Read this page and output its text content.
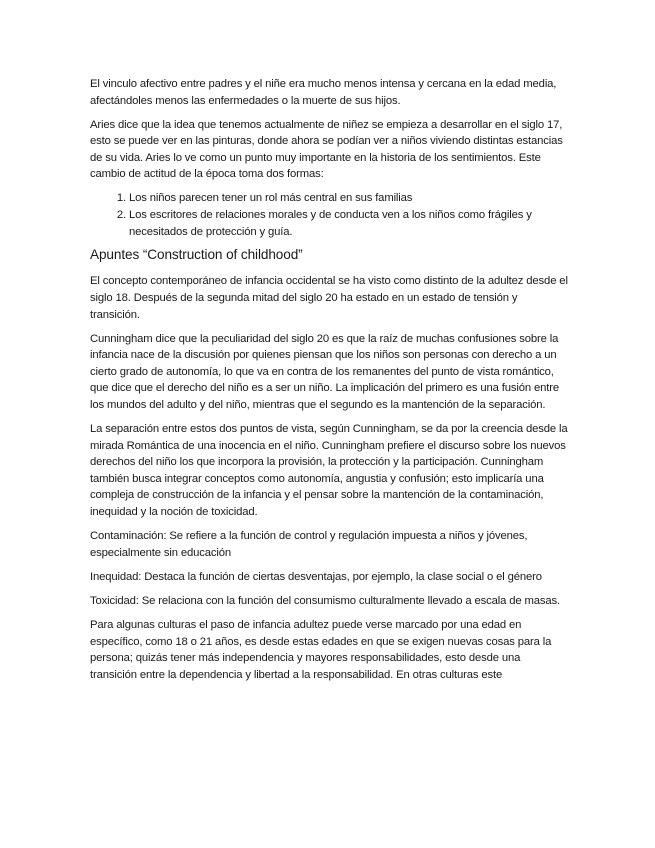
El vinculo afectivo entre padres y el niñe era mucho menos intensa y cercana en la edad media, afectándoles menos las enfermedades o la muerte de sus hijos.

Aries dice que la idea que tenemos actualmente de niñez se empieza a desarrollar en el siglo 17, esto se puede ver en las pinturas, donde ahora se podían ver a niños viviendo distintas estancias de su vida. Aries lo ve como un punto muy importante en la historia de los sentimientos. Este cambio de actitud de la época toma dos formas:

1. Los niños parecen tener un rol más central en sus familias
2. Los escritores de relaciones morales y de conducta ven a los niños como frágiles y necesitados de protección y guía.
Apuntes “Construction of childhood”

El concepto contemporáneo de infancia occidental se ha visto como distinto de la adultez desde el siglo 18. Después de la segunda mitad del siglo 20 ha estado en un estado de tensión y transición.

Cunningham dice que la peculiaridad del siglo 20 es que la raíz de muchas confusiones sobre la infancia nace de la discusión por quienes piensan que los niños son personas con derecho a un cierto grado de autonomía, lo que va en contra de los remanentes del punto de vista romántico, que dice que el derecho del niño es a ser un niño. La implicación del primero es una fusión entre los mundos del adulto y del niño, mientras que el segundo es la mantención de la separación.

La separación entre estos dos puntos de vista, según Cunningham, se da por la creencia desde la mirada Romántica de una inocencia en el niño. Cunningham prefiere el discurso sobre los nuevos derechos del niño los que incorpora la provisión, la protección y la participación. Cunningham también busca integrar conceptos como autonomía, angustia y confusión; esto implicaría una compleja de construcción de la infancia y el pensar sobre la mantención de la contaminación, inequidad y la noción de toxicidad.

Contaminación: Se refiere a la función de control y regulación impuesta a niños y jóvenes, especialmente sin educación

Inequidad: Destaca la función de ciertas desventajas, por ejemplo, la clase social o el género

Toxicidad: Se relaciona con la función del consumismo culturalmente llevado a escala de masas.

Para algunas culturas el paso de infancia adultez puede verse marcado por una edad en específico, como 18 o 21 años, es desde estas edades en que se exigen nuevas cosas para la persona; quizás tener más independencia y mayores responsabilidades, esto desde una transición entre la dependencia y libertad a la responsabilidad. En otras culturas este
